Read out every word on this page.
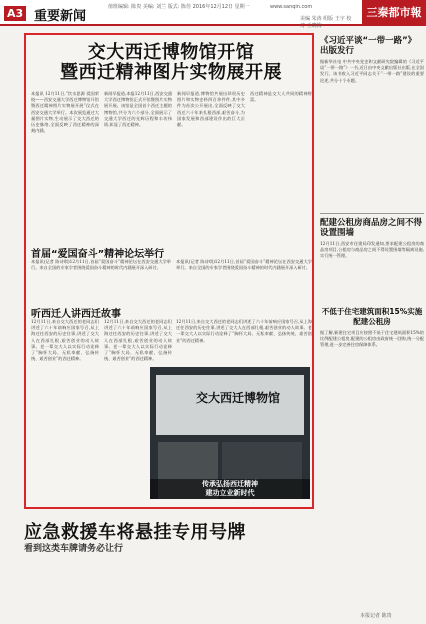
A3 重要新闻
值班编辑: 陈贵 美编: 刘兰 版式: 陈佳 2016年12月12日 星期一	www.sanqin.com
美编 朱涛 组版 王宇 校对 王晓梅
三秦都市報
交大西迁博物馆开馆
暨西迁精神图片实物展开展
本报讯 12月11日,“饮水思源 爱国荣校——西安交通大学西迁博物馆开馆暨西迁精神图片实物展开展”仪式在西安交通大学举行。本次展览通过大量图片实物,生动展示了交大西迁的历史脉络,全面反映了西迁精神的深刻内涵。
新闻早报道,本报12月11日,西安交通大学西迁博物馆正式开馆暨图片实物展开展。该馆是全国首个西迁主题的博物馆,共分为六个部分,全面展示了交通大学西迁的光辉历程和丰功伟绩,彰显了西迁精神。
新闻早报道,博物馆共展出珍贵历史图片和实物史料四百余件件,其中多件为首次公开展出,全面反映了交大西迁六十年来扎根西部,艰苦奋斗,为国家发展和西部建设作出的巨大贡献。
西迁精神是交大人共同的精神财富。
首届“爱国奋斗”精神论坛举行
本报讯(记者 陈诗琪)12月11日,首届“爱国奋斗”精神论坛在西安交通大学举行。来自全国的专家学者围绕爱国奋斗精神的时代内涵展开深入研讨。
本报讯(记者 陈诗琪)12月11日,首届“爱国奋斗”精神论坛在西安交通大学举行。来自全国的专家学者围绕爱国奋斗精神的时代内涵展开深入研讨。
听西迁人讲西迁故事
12月11日,来自交大西迁的老同志们讲述了六十年前响应国家号召,从上海迁往西安的历史往事,讲述了交大人在西部扎根,艰苦创业的动人故事。老一辈交大人以实际行动诠释了“胸怀大局、无私奉献、弘扬传统、艰苦创业”的西迁精神。
12月11日,来自交大西迁的老同志们讲述了六十年前响应国家号召,从上海迁往西安的历史往事,讲述了交大人在西部扎根,艰苦创业的动人故事。老一辈交大人以实际行动诠释了“胸怀大局、无私奉献、弘扬传统、艰苦创业”的西迁精神。
12月11日,来自交大西迁的老同志们讲述了六十年前响应国家号召,从上海迁往西安的历史往事,讲述了交大人在西部扎根,艰苦创业的动人故事。老一辈交大人以实际行动诠释了“胸怀大局、无私奉献、弘扬传统、艰苦创业”的西迁精神。
交大西迁博物馆
传承弘扬西迁精神
建功立业新时代
《习近平谈“一带一路”》出版发行
据新华社电 中共中央党史和文献研究院编辑的《习近平谈“一带一路”》一书,近日由中央文献出版社出版,在全国发行。该书收入习近平同志关于“一带一路”建设的重要论述,共分十个专题。
配建公租房商品房之间不得设置围墙
12月11日,西安市住建局印发通知,要求配建公租房的商品房项目,公租房与商品房之间不得设置围墙等隔离设施,实行统一管理。
不低于住宅建筑面积15%实施配建公租房
据了解,新建住宅项目应按照不低于住宅建筑面积15%的比例配建公租房,配建的公租房由政府统一回购,统一分配管理,进一步完善住房保障体系。
本报记者 陈贵
应急救援车将悬挂专用号牌
看到这类车牌请务必让行
